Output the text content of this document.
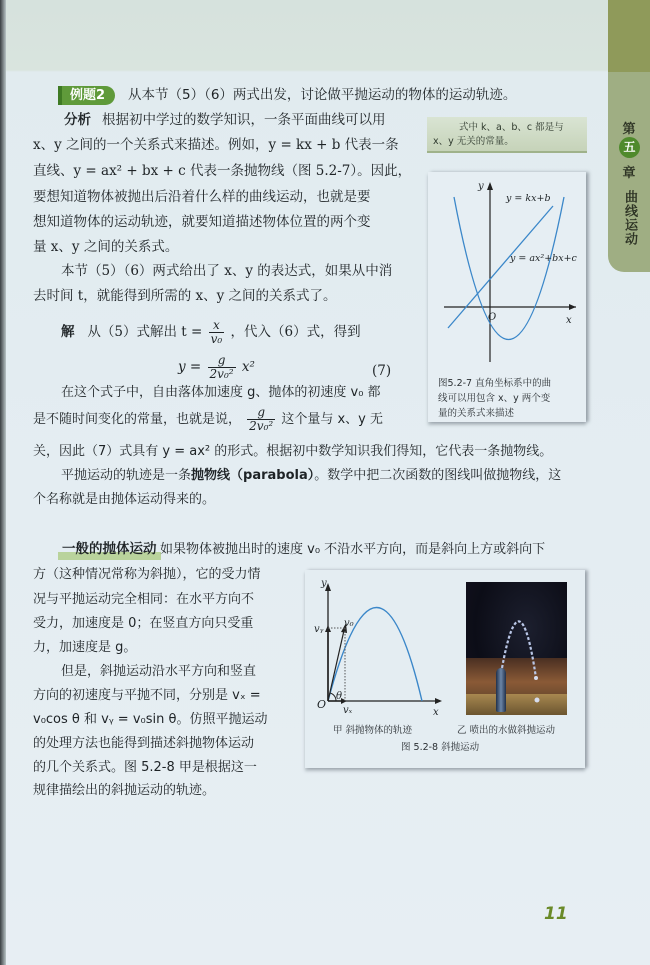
第
五
章
曲线运动
例题2	从本节（5）（6）两式出发，讨论做平抛运动的物体的运动轨迹。
分析 根据初中学过的数学知识，一条平面曲线可以用
x、y 之间的一个关系式来描述。例如，y = kx + b 代表一条
直线、y = ax² + bx + c 代表一条抛物线（图 5.2-7）。因此，
要想知道物体被抛出后沿着什么样的曲线运动，也就是要
想知道物体的运动轨迹，就要知道描述物体位置的两个变
量 x、y 之间的关系式。
本节（5）（6）两式给出了 x、y 的表达式，如果从中消
去时间 t，就能得到所需的 x、y 之间的关系式了。
式中 k、a、b、c 都是与
x、y 无关的常量。
y
x
O
y = kx+b
y = ax²+bx+c
图5.2-7 直角坐标系中的曲
线可以用包含 x、y 两个变
量的关系式来描述
解 从（5）式解出 $t = \frac{x}{\text{v₀}}$ ，代入（6）式，得到
$y = \frac{g}{\text{2v₀²}} x^2$	(7)
在这个式子中，自由落体加速度 g、抛体的初速度 v₀ 都
是不随时间变化的常量，也就是说， $\frac{g}{\text{2v₀²}}$ 这个量与 x、y 无
关，因此（7）式具有 y = ax² 的形式。根据初中数学知识我们得知，它代表一条抛物线。
平抛运动的轨迹是一条抛物线（parabola）。数学中把二次函数的图线叫做抛物线，这
个名称就是由抛体运动得来的。
一般的抛体运动 如果物体被抛出时的速度 v₀ 不沿水平方向，而是斜向上方或斜向下
方（这种情况常称为斜抛），它的受力情
况与平抛运动完全相同：在水平方向不
受力，加速度是 0；在竖直方向只受重
力，加速度是 g。
但是，斜抛运动沿水平方向和竖直
方向的初速度与平抛不同，分别是 vₓ =
v₀cos θ 和 vᵧ = v₀sin θ。仿照平抛运动
的处理方法也能得到描述斜抛物体运动
的几个关系式。图 5.2-8 甲是根据这一
规律描绘出的斜抛运动的轨迹。
y
x
O
v₀
vᵧ
vₓ
θ
甲 斜抛物体的轨迹	乙 喷出的水做斜抛运动
图 5.2-8 斜抛运动
11
